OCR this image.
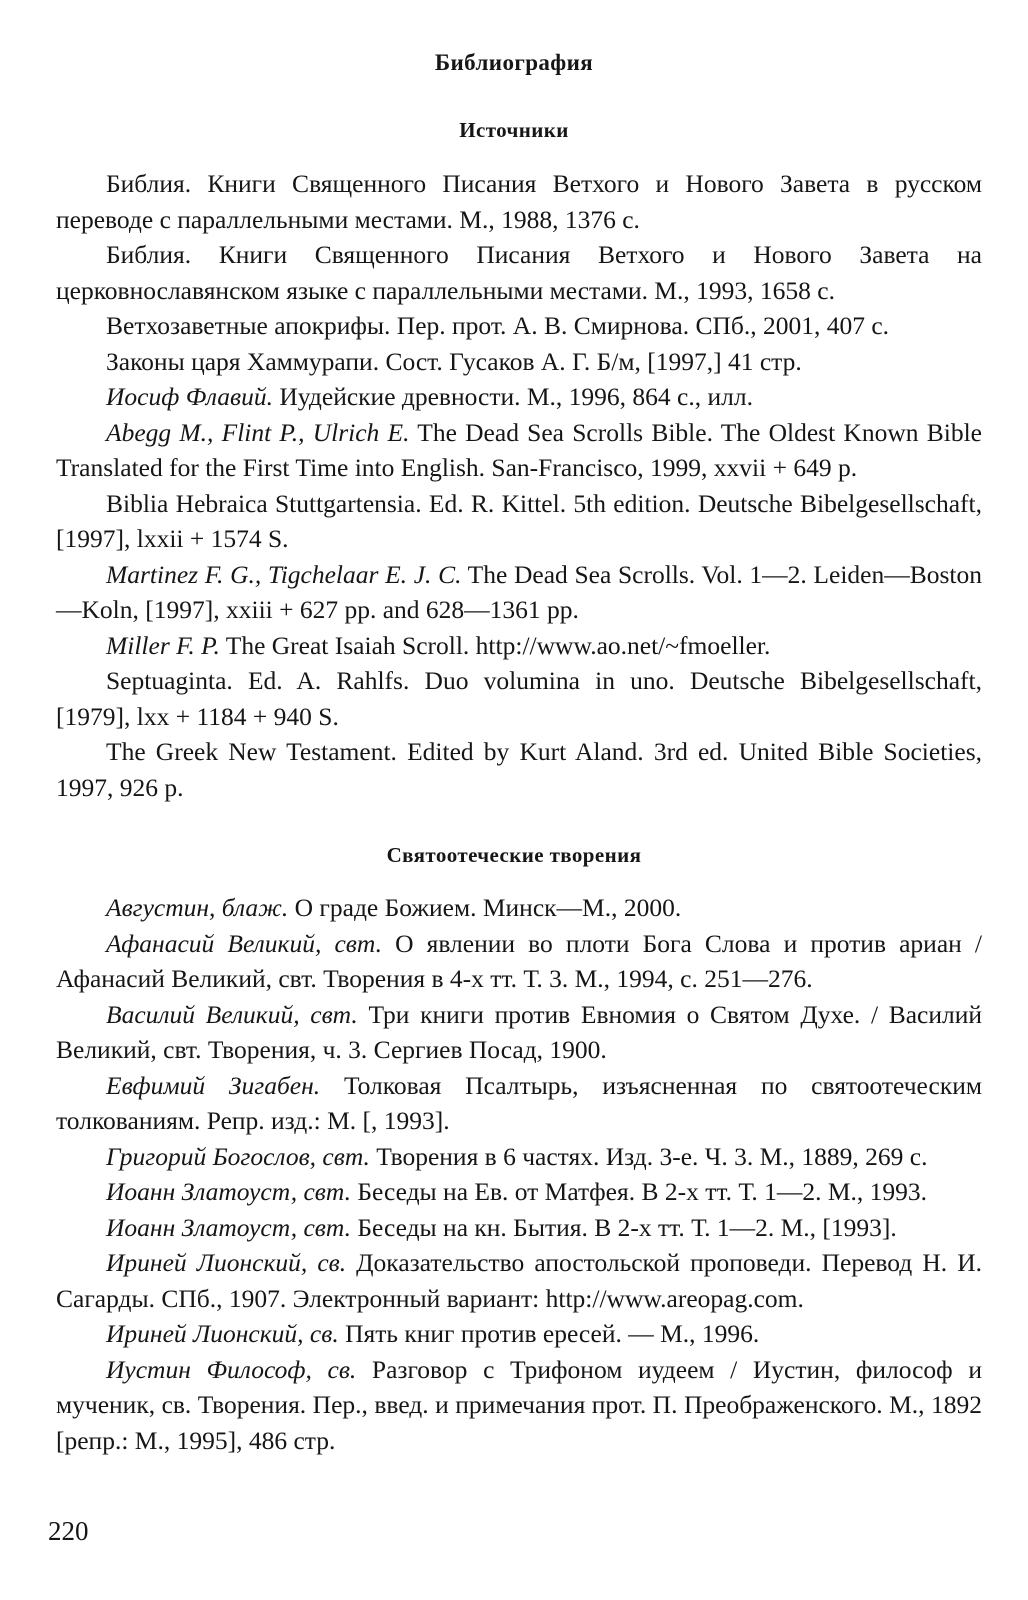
Библиография
Источники

Библия. Книги Священного Писания Ветхого и Нового Завета в русском переводе с параллельными местами. М., 1988, 1376 с.

Библия. Книги Священного Писания Ветхого и Нового Завета на церковнославянском языке с параллельными местами. М., 1993, 1658 с.

Ветхозаветные апокрифы. Пер. прот. А. В. Смирнова. СПб., 2001, 407 с.

Законы царя Хаммурапи. Сост. Гусаков А. Г. Б/м, [1997,] 41 стр.

Иосиф Флавий. Иудейские древности. М., 1996, 864 с., илл.

Abegg M., Flint P., Ulrich E. The Dead Sea Scrolls Bible. The Oldest Known Bible Translated for the First Time into English. San-Francisco, 1999, xxvii + 649 p.

Biblia Hebraica Stuttgartensia. Ed. R. Kittel. 5th edition. Deutsche Bibelgesellschaft, [1997], lxxii + 1574 S.

Martinez F. G., Tigchelaar E. J. C. The Dead Sea Scrolls. Vol. 1—2. Leiden—Boston—Koln, [1997], xxiii + 627 pp. and 628—1361 pp.

Miller F. P. The Great Isaiah Scroll. http://www.ao.net/~fmoeller.

Septuaginta. Ed. A. Rahlfs. Duo volumina in uno. Deutsche Bibelgesellschaft, [1979], lxx + 1184 + 940 S.

The Greek New Testament. Edited by Kurt Aland. 3rd ed. United Bible Societies, 1997, 926 p.

Святоотеческие творения

Августин, блаж. О граде Божием. Минск—М., 2000.

Афанасий Великий, свт. О явлении во плоти Бога Слова и против ариан / Афанасий Великий, свт. Творения в 4-х тт. Т. 3. М., 1994, с. 251—276.

Василий Великий, свт. Три книги против Евномия о Святом Духе. / Василий Великий, свт. Творения, ч. 3. Сергиев Посад, 1900.

Евфимий Зигабен. Толковая Псалтырь, изъясненная по святоотеческим толкованиям. Репр. изд.: М. [, 1993].

Григорий Богослов, свт. Творения в 6 частях. Изд. 3-е. Ч. 3. М., 1889, 269 с.

Иоанн Златоуст, свт. Беседы на Ев. от Матфея. В 2-х тт. Т. 1—2. М., 1993.

Иоанн Златоуст, свт. Беседы на кн. Бытия. В 2-х тт. Т. 1—2. М., [1993].

Ириней Лионский, св. Доказательство апостольской проповеди. Перевод Н. И. Сагарды. СПб., 1907. Электронный вариант: http://www.areopag.com.

Ириней Лионский, св. Пять книг против ересей. — М., 1996.

Иустин Философ, св. Разговор с Трифоном иудеем / Иустин, философ и мученик, св. Творения. Пер., введ. и примечания прот. П. Преображенского. М., 1892 [репр.: М., 1995], 486 стр.

220
